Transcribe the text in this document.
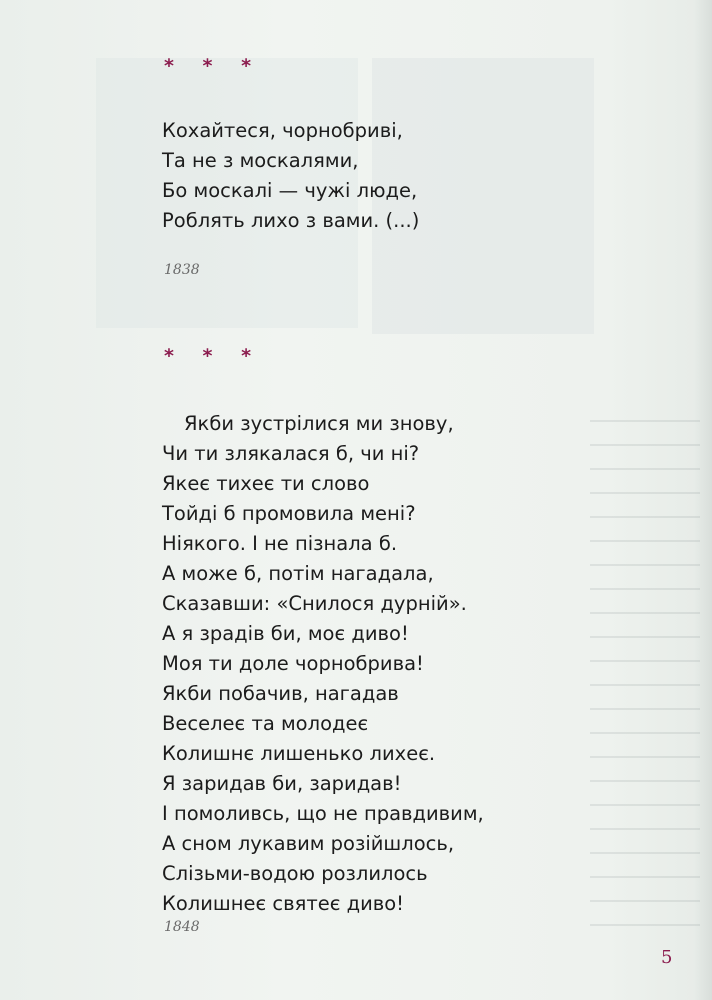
* * *
Кохайтеся, чорнобриві,
Та не з москалями,
Бо москалі — чужі люде,
Роблять лихо з вами. (...)
1838
* * *
Якби зустрілися ми знову,
Чи ти злякалася б, чи ні?
Якеє тихеє ти слово
Тойді б промовила мені?
Ніякого. І не пізнала б.
А може б, потім нагадала,
Сказавши: «Снилося дурній».
А я зрадів би, моє диво!
Моя ти доле чорнобрива!
Якби побачив, нагадав
Веселеє та молодеє
Колишнє лишенько лихеє.
Я заридав би, заридав!
І помоливсь, що не правдивим,
А сном лукавим розійшлось,
Слізьми-водою розлилось
Колишнеє святеє диво!
1848
5
